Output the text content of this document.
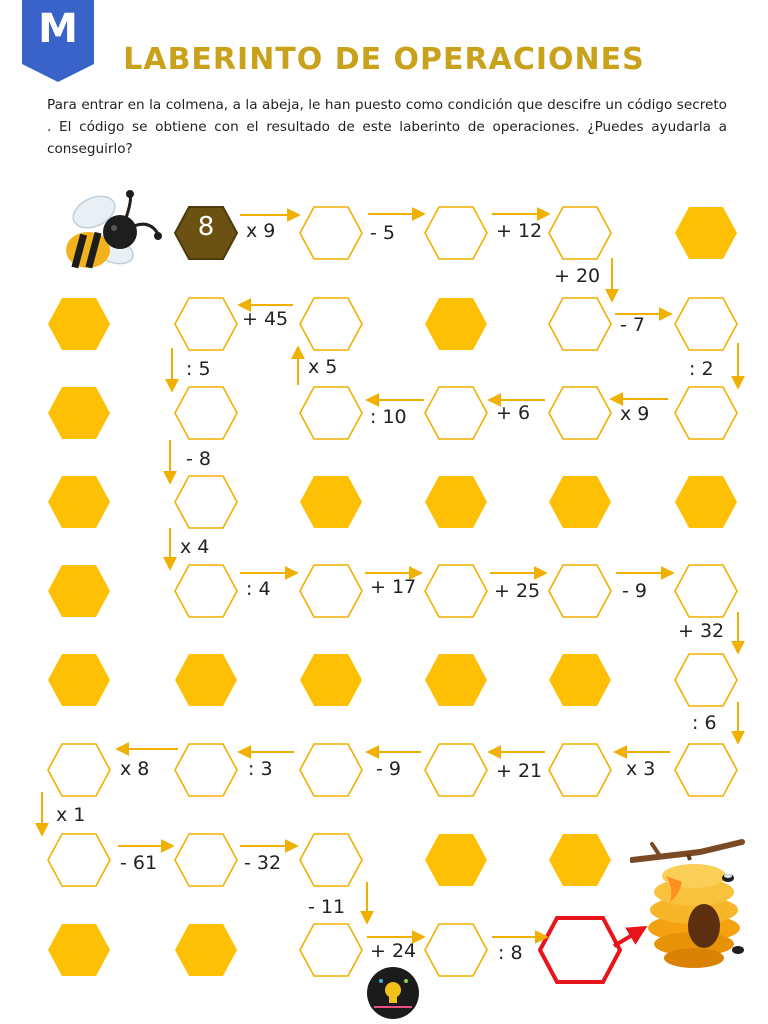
M
LABERINTO DE OPERACIONES

Para entrar en la colmena, a la abeja, le han puesto como condición que descifre un código secreto . El código se obtiene con el resultado de este laberinto de operaciones. ¿Puedes ayudarla a conseguirlo?

8	x 9	- 5	+ 12
+ 20
- 7
: 2
x 9
+ 6
: 10
x 5
+ 45
: 5
- 8
x 4
: 4	+ 17	+ 25	- 9
+ 32
: 6
x 3
+ 21
- 9
: 3
x 8
x 1
- 61	- 32
- 11
+ 24	: 8
